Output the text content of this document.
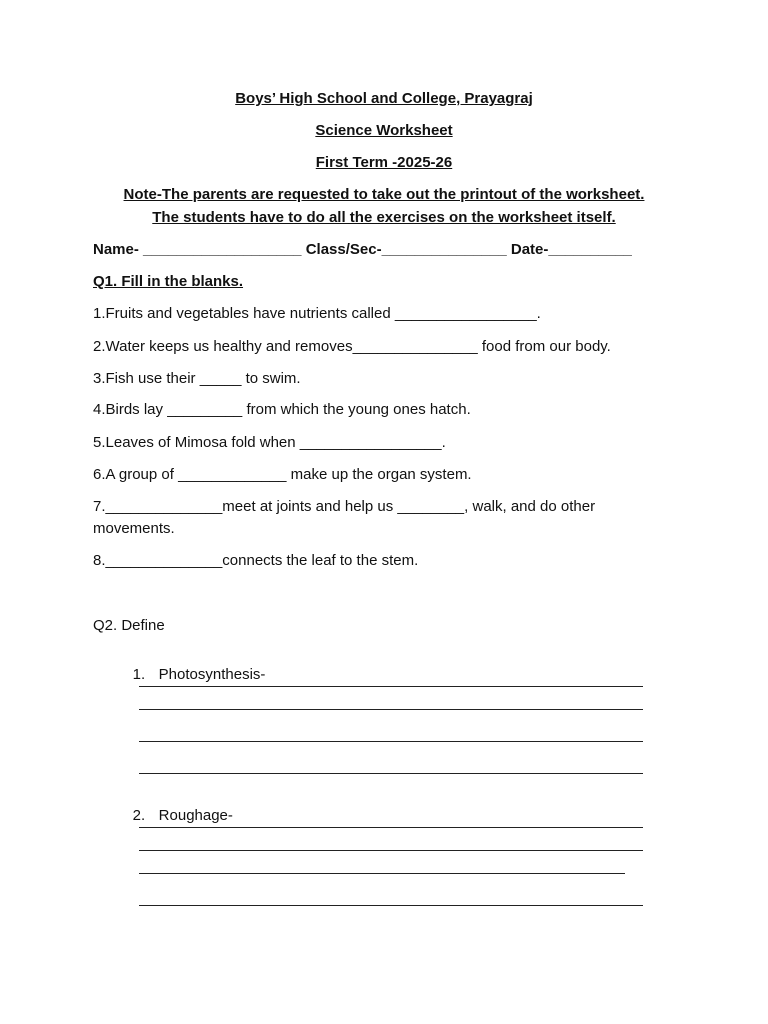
Boys’ High School and College, Prayagraj
Science Worksheet
First Term -2025-26
Note-The parents are requested to take out the printout of the worksheet.
The students have to do all the exercises on the worksheet itself.
Name- ___________________ Class/Sec-_______________ Date-__________
Q1. Fill in the blanks.
1.Fruits and vegetables have nutrients called _________________.
2.Water keeps us healthy and removes_______________ food from our body.
3.Fish use their _____ to swim.
4.Birds lay _________ from which the young ones hatch.
5.Leaves of Mimosa fold when _________________.
6.A group of _____________ make up the organ system.
7.______________meet at joints and help us ________, walk, and do other
movements.
8.______________connects the leaf to the stem.
Q2. Define

1. Photosynthesis-

2. Roughage-
